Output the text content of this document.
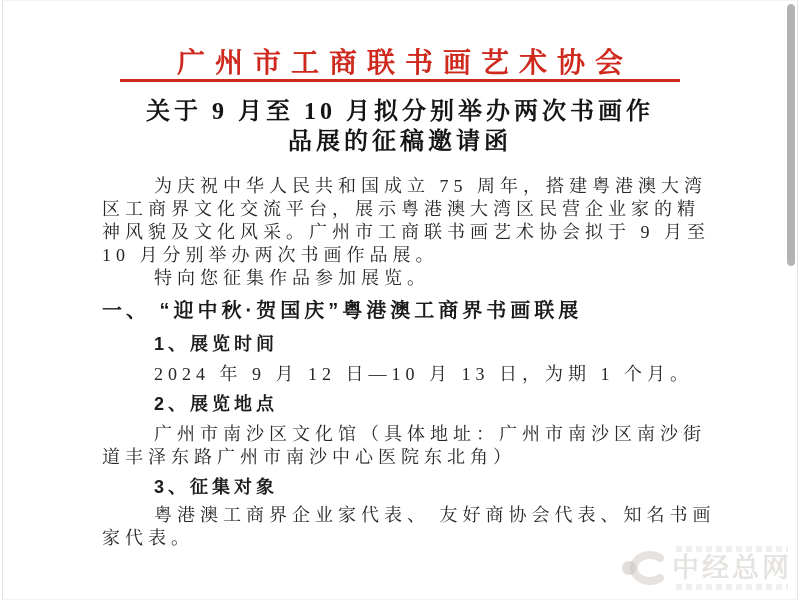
广州市工商联书画艺术协会
关于 9 月至 10 月拟分别举办两次书画作
品展的征稿邀请函
为庆祝中华人民共和国成立 75 周年，搭建粤港澳大湾
区工商界文化交流平台，展示粤港澳大湾区民营企业家的精
神风貌及文化风采。广州市工商联书画艺术协会拟于 9 月至
10 月分别举办两次书画作品展。
特向您征集作品参加展览。
一、 “迎中秋·贺国庆”粤港澳工商界书画联展
1、展览时间
2024 年 9 月 12 日—10 月 13 日，为期 1 个月。
2、展览地点
广州市南沙区文化馆（具体地址：广州市南沙区南沙街
道丰泽东路广州市南沙中心医院东北角）
3、征集对象
粤港澳工商界企业家代表、 友好商协会代表、知名书画
家代表。
中经总网
